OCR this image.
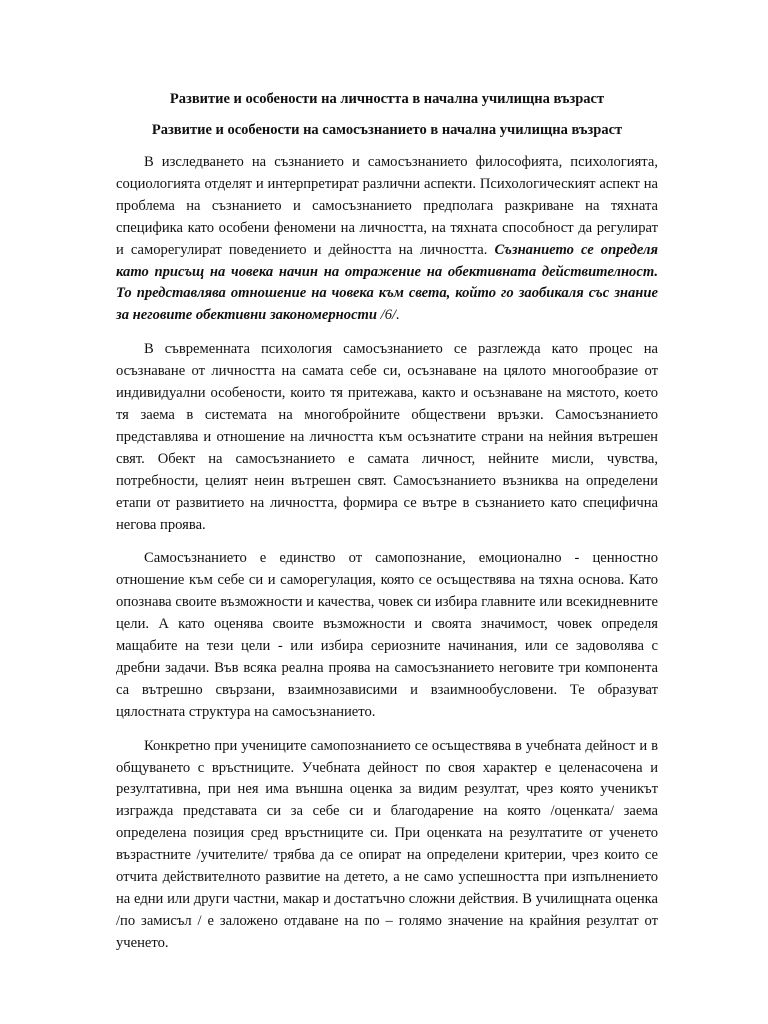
Развитие и особености на личността в начална училищна възраст

Развитие и особености на самосъзнанието в начална училищна възраст

В изследването на съзнанието и самосъзнанието философията, психологията, социологията отделят и интерпретират различни аспекти. Психологическият аспект на проблема на съзнанието и самосъзнанието предполага разкриване на тяхната специфика като особени феномени на личността, на тяхната способност да регулират и саморегулират поведението и дейността на личността. Съзнанието се определя като присъщ на човека начин на отражение на обективната действителност. То представлява отношение на човека към света, който го заобикаля със знание за неговите обективни закономерности /6/.

В съвременната психология самосъзнанието се разглежда като процес на осъзнаване от личността на самата себе си, осъзнаване на цялото многообразие от индивидуални особености, които тя притежава, както и осъзнаване на мястото, което тя заема в системата на многобройните обществени връзки. Самосъзнанието представлява и отношение на личността към осъзнатите страни на нейния вътрешен свят. Обект на самосъзнанието е самата личност, нейните мисли, чувства, потребности, целият неин вътрешен свят. Самосъзнанието възниква на определени етапи от развитието на личността, формира се вътре в съзнанието като специфична негова проява.

Самосъзнанието е единство от самопознание, емоционално - ценностно отношение към себе си и саморегулация, която се осъществява на тяхна основа. Като опознава своите възможности и качества, човек си избира главните или всекидневните цели. А като оценява своите възможности и своята значимост, човек определя мащабите на тези цели - или избира сериозните начинания, или се задоволява с дребни задачи. Във всяка реална проява на самосъзнанието неговите три компонента са вътрешно свързани, взаимнозависими и взаимнообусловени. Те образуват цялостната структура на самосъзнанието.

Конкретно при учениците самопознанието се осъществява в учебната дейност и в общуването с връстниците. Учебната дейност по своя характер е целенасочена и резултативна, при нея има външна оценка за видим резултат, чрез която ученикът изгражда представата си за себе си и благодарение на която /оценката/ заема определена позиция сред връстниците си. При оценката на резултатите от ученето възрастните /учителите/ трябва да се опират на определени критерии, чрез които се отчита действителното развитие на детето, а не само успешността при изпълнението на едни или други частни, макар и достатъчно сложни действия. В училищната оценка /по замисъл / е заложено отдаване на по – голямо значение на крайния резултат от ученето.
